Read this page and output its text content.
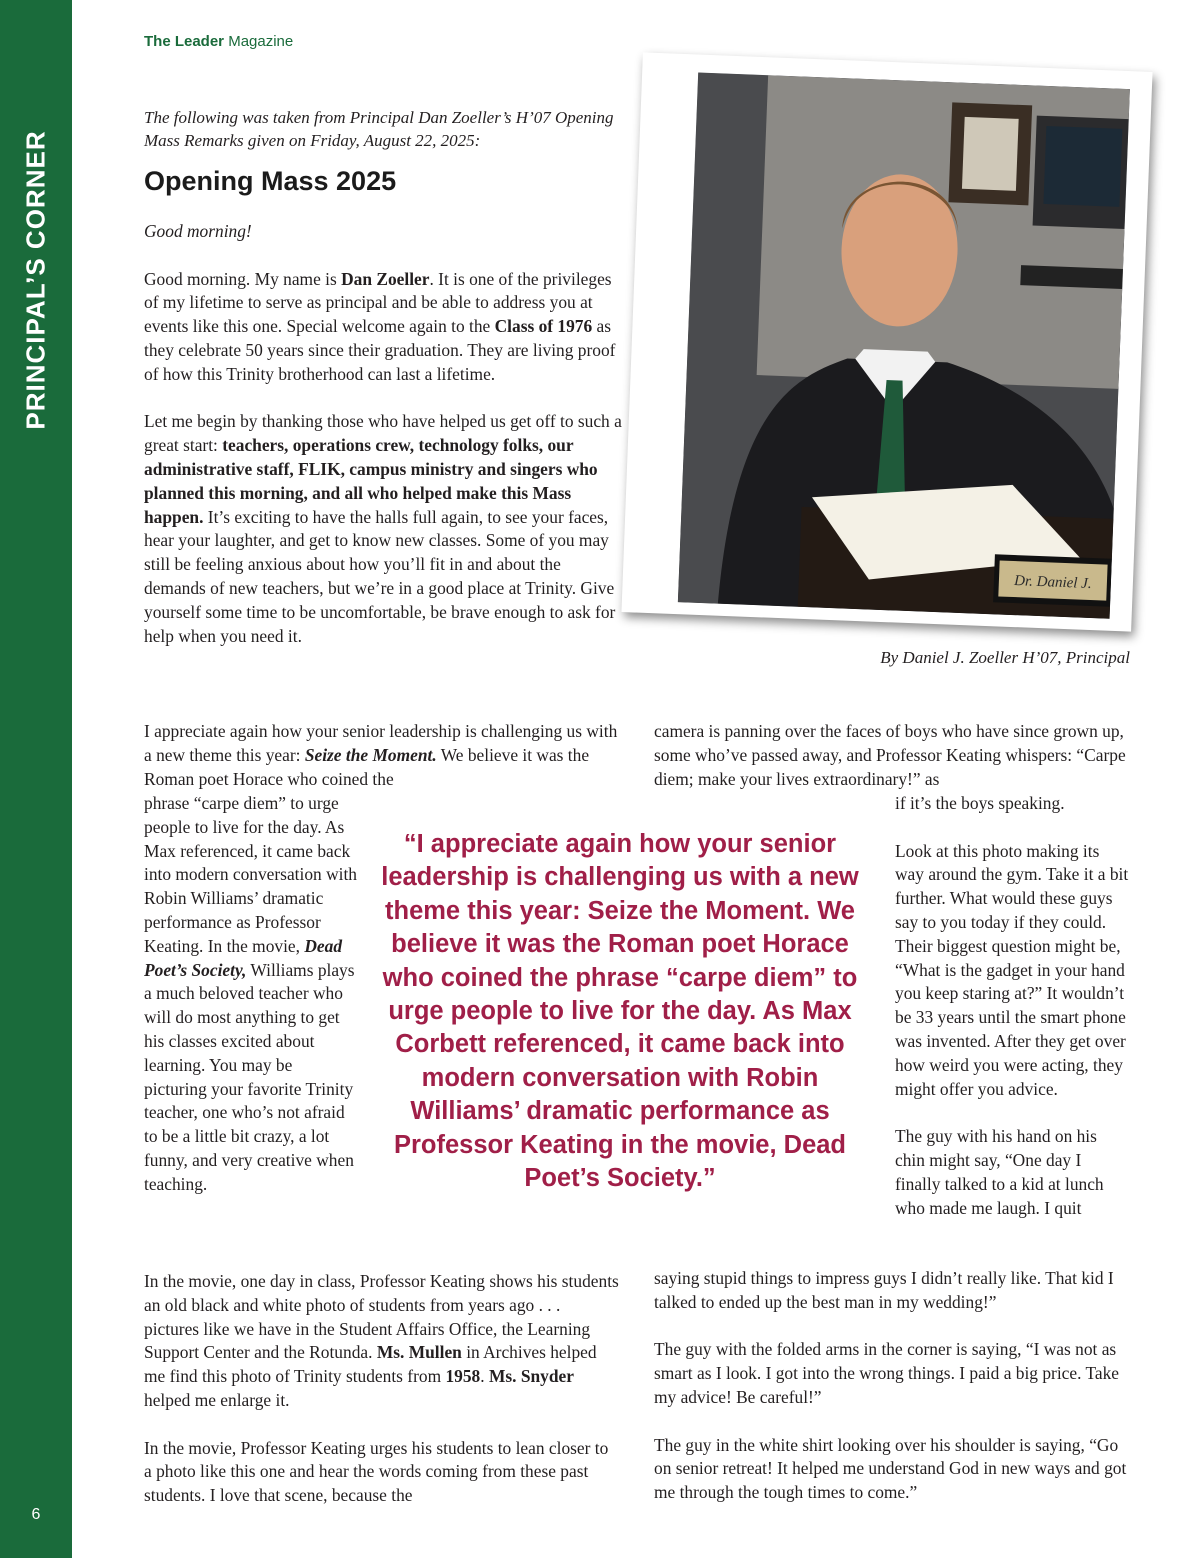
PRINCIPAL’S CORNER
6
The Leader Magazine
The following was taken from Principal Dan Zoeller’s H’07 Opening Mass Remarks given on Friday, August 22, 2025:
Opening Mass 2025

Good morning!

Good morning. My name is Dan Zoeller. It is one of the privileges of my lifetime to serve as principal and be able to address you at events like this one. Special welcome again to the Class of 1976 as they celebrate 50 years since their graduation. They are living proof of how this Trinity brotherhood can last a lifetime.

Let me begin by thanking those who have helped us get off to such a great start: teachers, operations crew, technology folks, our administrative staff, FLIK, campus ministry and singers who planned this morning, and all who helped make this Mass happen. It’s exciting to have the halls full again, to see your faces, hear your laughter, and get to know new classes. Some of you may still be feeling anxious about how you’ll fit in and about the demands of new teachers, but we’re in a good place at Trinity. Give yourself some time to be uncomfortable, be brave enough to ask for help when you need it.

I appreciate again how your senior leadership is challenging us with a new theme this year: Seize the Moment. We believe it was the Roman poet Horace who coined the
phrase “carpe diem” to urge people to live for the day. As Max referenced, it came back into modern conversation with Robin Williams’ dramatic performance as Professor Keating. In the movie, Dead Poet’s Society, Williams plays a much beloved teacher who will do most anything to get his classes excited about learning. You may be picturing your favorite Trinity teacher, one who’s not afraid to be a little bit crazy, a lot funny, and very creative when teaching.

In the movie, one day in class, Professor Keating shows his students an old black and white photo of students from years ago . . . pictures like we have in the Student Affairs Office, the Learning Support Center and the Rotunda. Ms. Mullen in Archives helped me find this photo of Trinity students from 1958. Ms. Snyder helped me enlarge it.

In the movie, Professor Keating urges his students to lean closer to a photo like this one and hear the words coming from these past students. I love that scene, because the

Dr. Daniel J.
By Daniel J. Zoeller H’07, Principal
“I appreciate again how your senior leadership is challenging us with a new theme this year: Seize the Moment. We believe it was the Roman poet Horace who coined the phrase “carpe diem” to urge people to live for the day. As Max Corbett referenced, it came back into modern conversation with Robin Williams’ dramatic performance as Professor Keating in the movie, Dead Poet’s Society.”
camera is panning over the faces of boys who have since grown up, some who’ve passed away, and Professor Keating whispers: “Carpe diem; make your lives extraordinary!” as

if it’s the boys speaking.

Look at this photo making its way around the gym. Take it a bit further. What would these guys say to you today if they could. Their biggest question might be, “What is the gadget in your hand you keep staring at?” It wouldn’t be 33 years until the smart phone was invented. After they get over how weird you were acting, they might offer you advice.

The guy with his hand on his chin might say, “One day I finally talked to a kid at lunch who made me laugh. I quit

saying stupid things to impress guys I didn’t really like. That kid I talked to ended up the best man in my wedding!”

The guy with the folded arms in the corner is saying, “I was not as smart as I look. I got into the wrong things. I paid a big price. Take my advice! Be careful!”

The guy in the white shirt looking over his shoulder is saying, “Go on senior retreat! It helped me understand God in new ways and got me through the tough times to come.”
